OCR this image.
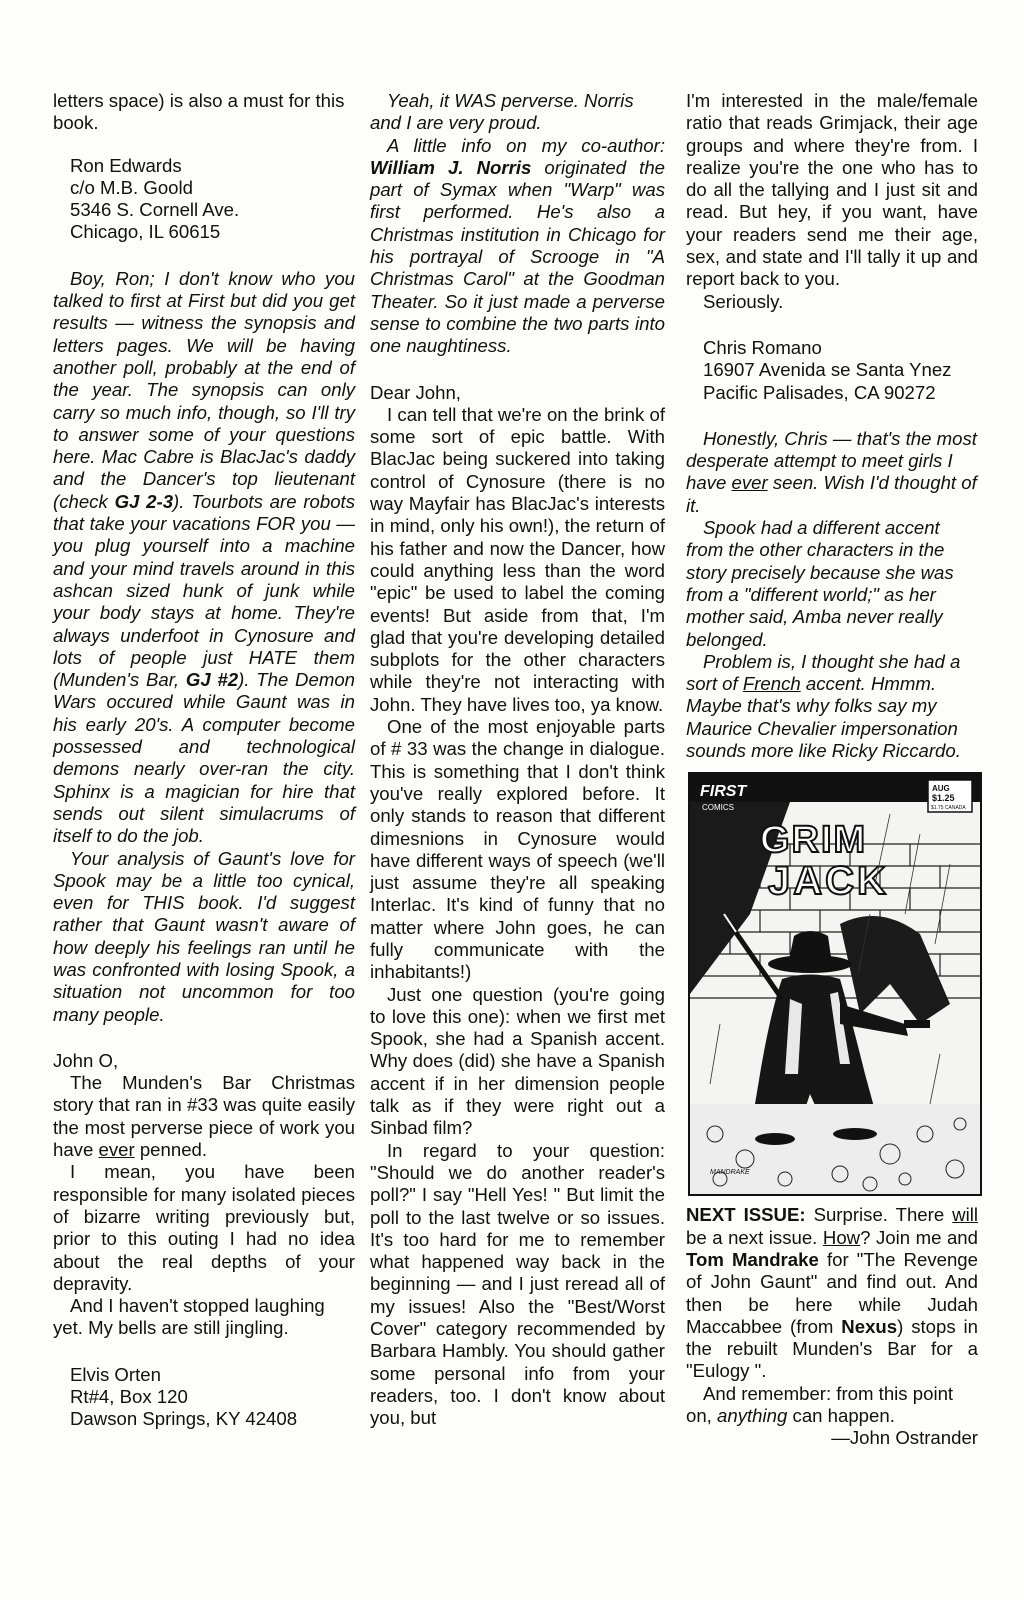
letters space) is also a must for this book.

Ron Edwards

c/o M.B. Goold

5346 S. Cornell Ave.

Chicago, IL 60615

Boy, Ron; I don't know who you talked to first at First but did you get results — witness the synopsis and letters pages. We will be having another poll, probably at the end of the year. The synopsis can only carry so much info, though, so I'll try to answer some of your questions here. Mac Cabre is BlacJac's daddy and the Dancer's top lieutenant (check GJ 2-3). Tourbots are robots that take your vacations FOR you — you plug yourself into a machine and your mind travels around in this ashcan sized hunk of junk while your body stays at home. They're always underfoot in Cynosure and lots of people just HATE them (Munden's Bar, GJ #2). The Demon Wars occured while Gaunt was in his early 20's. A computer become possessed and technological demons nearly over-ran the city. Sphinx is a magician for hire that sends out silent simulacrums of itself to do the job.

Your analysis of Gaunt's love for Spook may be a little too cynical, even for THIS book. I'd suggest rather that Gaunt wasn't aware of how deeply his feelings ran until he was confronted with losing Spook, a situation not uncommon for too many people.

John O,

The Munden's Bar Christmas story that ran in #33 was quite easily the most perverse piece of work you have ever penned.

I mean, you have been responsible for many isolated pieces of bizarre writing previously but, prior to this outing I had no idea about the real depths of your depravity.

And I haven't stopped laughing yet. My bells are still jingling.

Elvis Orten

Rt#4, Box 120

Dawson Springs, KY 42408

Yeah, it WAS perverse. Norris and I are very proud.

A little info on my co-author: William J. Norris originated the part of Symax when "Warp" was first performed. He's also a Christmas institution in Chicago for his portrayal of Scrooge in "A Christmas Carol" at the Goodman Theater. So it just made a perverse sense to combine the two parts into one naughtiness.

Dear John,

I can tell that we're on the brink of some sort of epic battle. With BlacJac being suckered into taking control of Cynosure (there is no way Mayfair has BlacJac's interests in mind, only his own!), the return of his father and now the Dancer, how could anything less than the word "epic" be used to label the coming events! But aside from that, I'm glad that you're developing detailed subplots for the other characters while they're not interacting with John. They have lives too, ya know.

One of the most enjoyable parts of # 33 was the change in dialogue. This is something that I don't think you've really explored before. It only stands to reason that different dimesnions in Cynosure would have different ways of speech (we'll just assume they're all speaking Interlac. It's kind of funny that no matter where John goes, he can fully communicate with the inhabitants!)

Just one question (you're going to love this one): when we first met Spook, she had a Spanish accent. Why does (did) she have a Spanish accent if in her dimension people talk as if they were right out a Sinbad film?

In regard to your question: "Should we do another reader's poll?" I say "Hell Yes! " But limit the poll to the last twelve or so issues. It's too hard for me to remember what happened way back in the beginning — and I just reread all of my issues! Also the "Best/Worst Cover" category recommended by Barbara Hambly. You should gather some personal info from your readers, too. I don't know about you, but

I'm interested in the male/female ratio that reads Grimjack, their age groups and where they're from. I realize you're the one who has to do all the tallying and I just sit and read. But hey, if you want, have your readers send me their age, sex, and state and I'll tally it up and report back to you.

Seriously.

Chris Romano

16907 Avenida se Santa Ynez

Pacific Palisades, CA 90272

Honestly, Chris — that's the most desperate attempt to meet girls I have ever seen. Wish I'd thought of it.

Spook had a different accent from the other characters in the story precisely because she was from a "different world;" as her mother said, Amba never really belonged.

Problem is, I thought she had a sort of French accent. Hmmm. Maybe that's why folks say my Maurice Chevalier impersonation sounds more like Ricky Riccardo.

FIRST
COMICS
AUG
$1.25
$1.75 CANADA
GRIM
JACK
MANDRAKE

NEXT ISSUE: Surprise. There will be a next issue. How? Join me and Tom Mandrake for "The Revenge of John Gaunt" and find out. And then be here while Judah Maccabbee (from Nexus) stops in the rebuilt Munden's Bar for a "Eulogy ".

And remember: from this point on, anything can happen.

—John Ostrander
